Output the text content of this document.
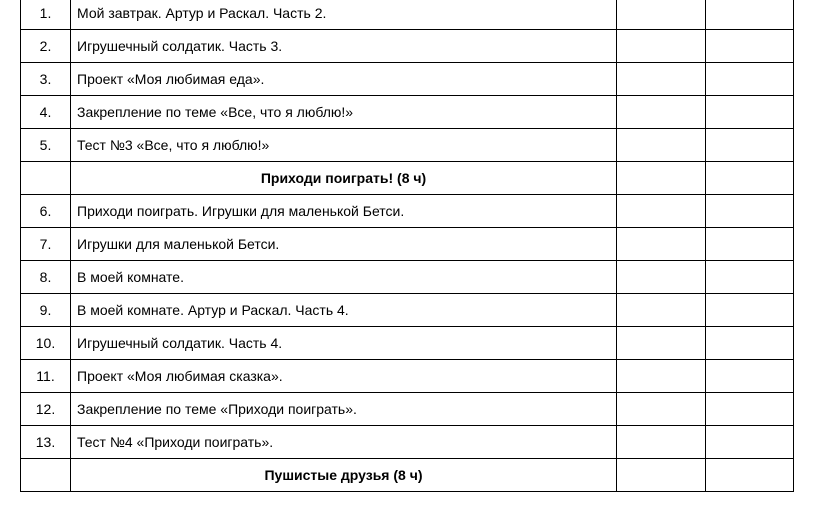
1.	Мой завтрак. Артур и Раскал. Часть 2.		
2.	Игрушечный солдатик. Часть 3.		
3.	Проект «Моя любимая еда».		
4.	Закрепление по теме «Все, что я люблю!»		
5.	Тест №3 «Все, что я люблю!»		
	Приходи поиграть! (8 ч)		
6.	Приходи поиграть. Игрушки для маленькой Бетси.		
7.	Игрушки для маленькой Бетси.		
8.	В моей комнате.		
9.	В моей комнате. Артур и Раскал. Часть 4.		
10.	Игрушечный солдатик. Часть 4.		
11.	Проект «Моя любимая сказка».		
12.	Закрепление по теме «Приходи поиграть».		
13.	Тест №4 «Приходи поиграть».		
	Пушистые друзья (8 ч)		
